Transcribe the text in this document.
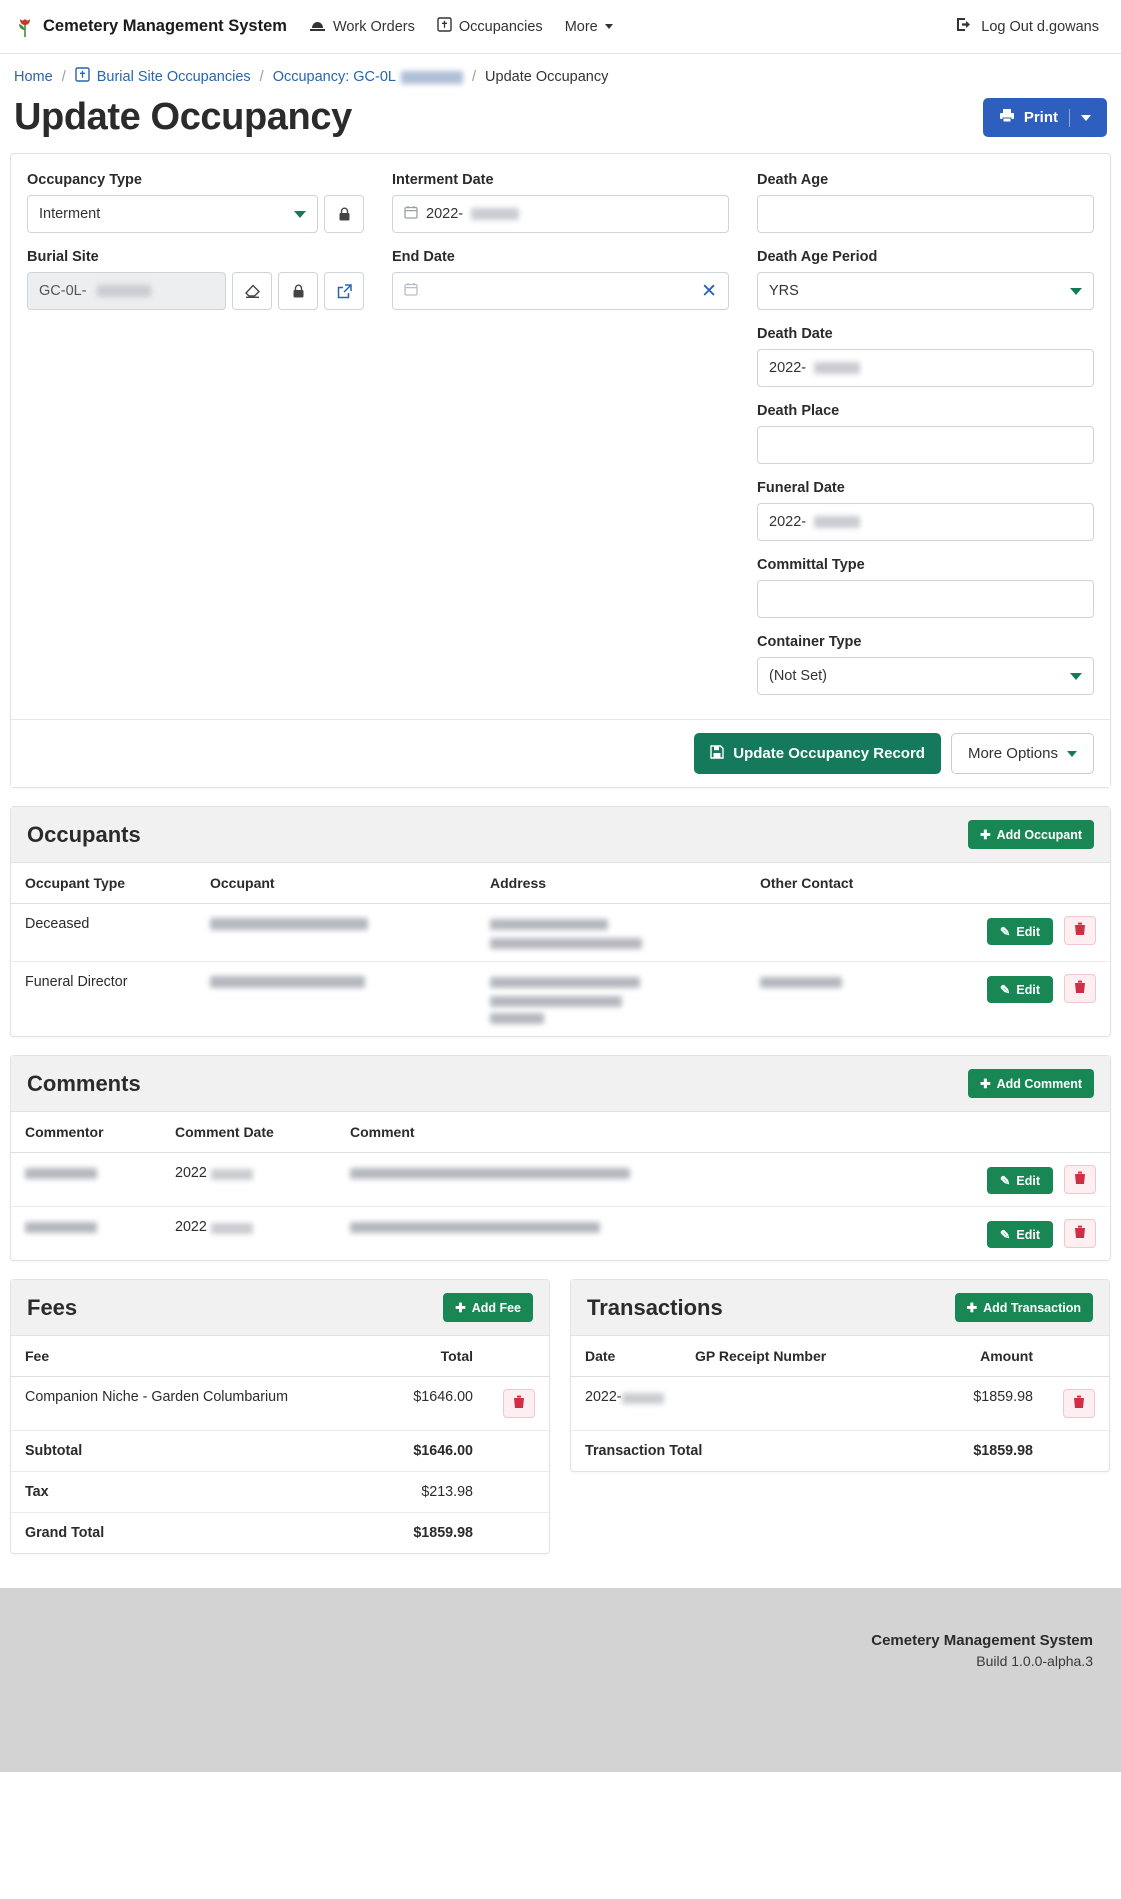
Cemetery Management System	Work Orders	Occupancies More	Log Out d.gowans
Home / Burial Site Occupancies / Occupancy: GC-0L	/ Update Occupancy
Update Occupancy	Print
Occupancy Type
Interment
Burial Site
GC-0L-
Interment Date
2022-
End Date
✕
Death Age
Death Age Period
YRS
Death Date
2022-
Death Place
Funeral Date
2022-
Committal Type
Container Type
(Not Set)
Update Occupancy Record	More Options
Occupants	✚ Add Occupant
Occupant Type	Occupant	Address	Other Contact	
Deceased				✎ Edit

Funeral Director				✎ Edit

Comments	✚ Add Comment
Commentor	Comment Date	Comment	
	2022		✎ Edit

	2022		✎ Edit

Fees	✚ Add Fee
Fee	Total	
Companion Niche - Garden Columbarium	$1646.00	

Subtotal	$1646.00	
Tax	$213.98	
Grand Total	$1859.98	
Transactions	✚ Add Transaction
Date	GP Receipt Number	Amount	
2022-		$1859.98	

Transaction Total		$1859.98	
Cemetery Management System
Build 1.0.0-alpha.3
